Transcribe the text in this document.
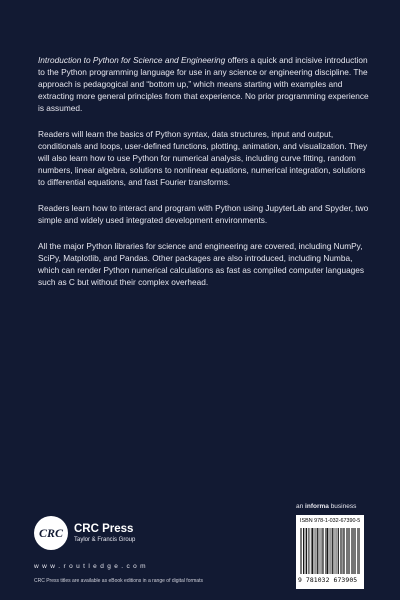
Introduction to Python for Science and Engineering offers a quick and incisive introduction to the Python programming language for use in any science or engineering discipline. The approach is pedagogical and “bottom up,” which means starting with examples and extracting more general principles from that experience. No prior programming experience is assumed.

Readers will learn the basics of Python syntax, data structures, input and output, conditionals and loops, user-defined functions, plotting, animation, and visualization. They will also learn how to use Python for numerical analysis, including curve fitting, random numbers, linear algebra, solutions to nonlinear equations, numerical integration, solutions to differential equations, and fast Fourier transforms.

Readers learn how to interact and program with Python using JupyterLab and Spyder, two simple and widely used integrated development environments.

All the major Python libraries for science and engineering are covered, including NumPy, SciPy, Matplotlib, and Pandas. Other packages are also introduced, including Numba, which can render Python numerical calculations as fast as compiled computer languages such as C but without their complex overhead.

an informa business
CRC CRC Press
Taylor & Francis Group
w w w . r o u t l e d g e . c o m
CRC Press titles are available as eBook editions in a range of digital formats
ISBN 978-1-032-67390-5
9 781032 673905
